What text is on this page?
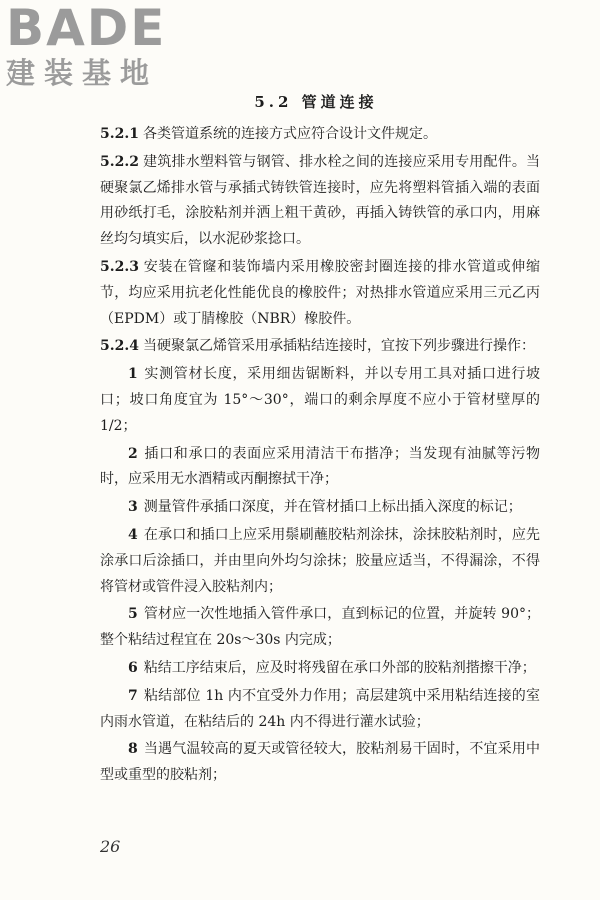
BADE
建装基地
5.2 管道连接

5.2.1 各类管道系统的连接方式应符合设计文件规定。

5.2.2 建筑排水塑料管与钢管、排水栓之间的连接应采用专用配件。当硬聚氯乙烯排水管与承插式铸铁管连接时，应先将塑料管插入端的表面用砂纸打毛，涂胶粘剂并洒上粗干黄砂，再插入铸铁管的承口内，用麻丝均匀填实后，以水泥砂浆捻口。

5.2.3 安装在管窿和装饰墙内采用橡胶密封圈连接的排水管道或伸缩节，均应采用抗老化性能优良的橡胶件；对热排水管道应采用三元乙丙（EPDM）或丁腈橡胶（NBR）橡胶件。

5.2.4 当硬聚氯乙烯管采用承插粘结连接时，宜按下列步骤进行操作：

1 实测管材长度，采用细齿锯断料，并以专用工具对插口进行坡口；坡口角度宜为 15°～30°，端口的剩余厚度不应小于管材壁厚的 1/2；

2 插口和承口的表面应采用清洁干布揩净；当发现有油腻等污物时，应采用无水酒精或丙酮擦拭干净；

3 测量管件承插口深度，并在管材插口上标出插入深度的标记；

4 在承口和插口上应采用鬃刷蘸胶粘剂涂抹，涂抹胶粘剂时，应先涂承口后涂插口，并由里向外均匀涂抹；胶量应适当，不得漏涂，不得将管材或管件浸入胶粘剂内；

5 管材应一次性地插入管件承口，直到标记的位置，并旋转 90°；整个粘结过程宜在 20s～30s 内完成；

6 粘结工序结束后，应及时将残留在承口外部的胶粘剂揩擦干净；

7 粘结部位 1h 内不宜受外力作用；高层建筑中采用粘结连接的室内雨水管道，在粘结后的 24h 内不得进行灌水试验；

8 当遇气温较高的夏天或管径较大，胶粘剂易干固时，不宜采用中型或重型的胶粘剂；

26
